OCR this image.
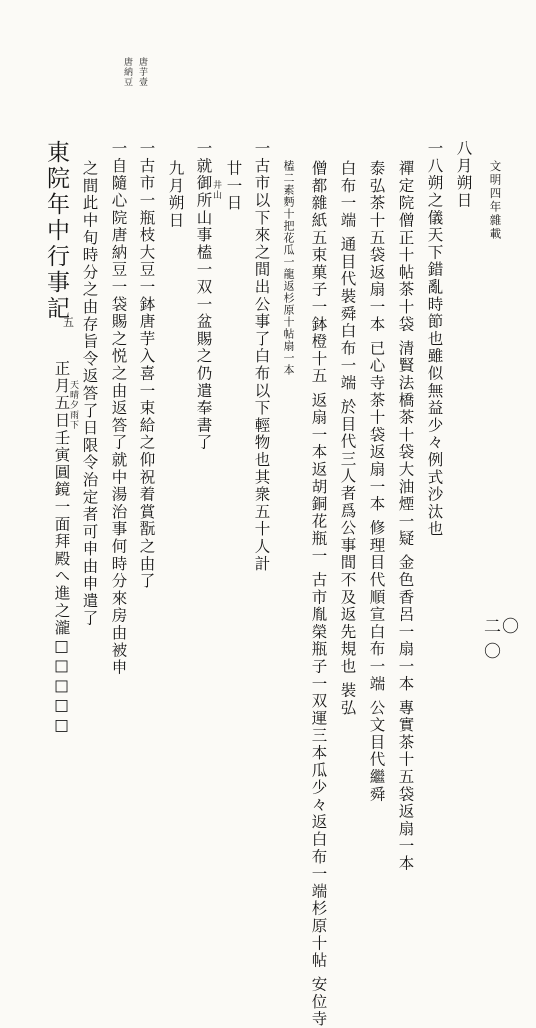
文明四年雜載
二〇〇
唐芋壹
唐納豆
八月朔日
一八朔之儀天下錯亂時節也雖似無益少々例式沙汰也
禪定院僧正十帖茶十袋 清賢法橋茶十袋大油煙一疑 金色香呂一扇一本 專實茶十五袋返扇一本
泰弘茶十五袋返扇一本 已心寺茶十袋返扇一本 修理目代順宣白布一端 公文目代繼舜
白布一端 通目代裝舜白布一端 於目代三人者爲公事間不及返先規也 裝弘
僧都雜紙五束菓子一鉢橙十五 返扇一本返胡銅花瓶一 古市胤榮瓶子一双運三本瓜少々返白布一端杉原十帖 安位寺
榼二素麪十把花瓜一龍返杉原十帖扇一本
一古市以下來之間出公事了白布以下輕物也其衆五十人計
廿一日
井山
一就御所山事榼一双一盆賜之仍遣奉書了
九月朔日
一古市一瓶枝大豆一鉢唐芋入喜一束給之仰祝着賞翫之由了
一自隨心院唐納豆一袋賜之悦之由返答了就中湯治事何時分來房由被申
之間此中旬時分之由存旨令返答了日限令治定者可申由申遣了
東院年中行事記
五
天晴夕雨下
正月五日壬寅圓鏡一面拜殿へ進之瀧□□□□□
